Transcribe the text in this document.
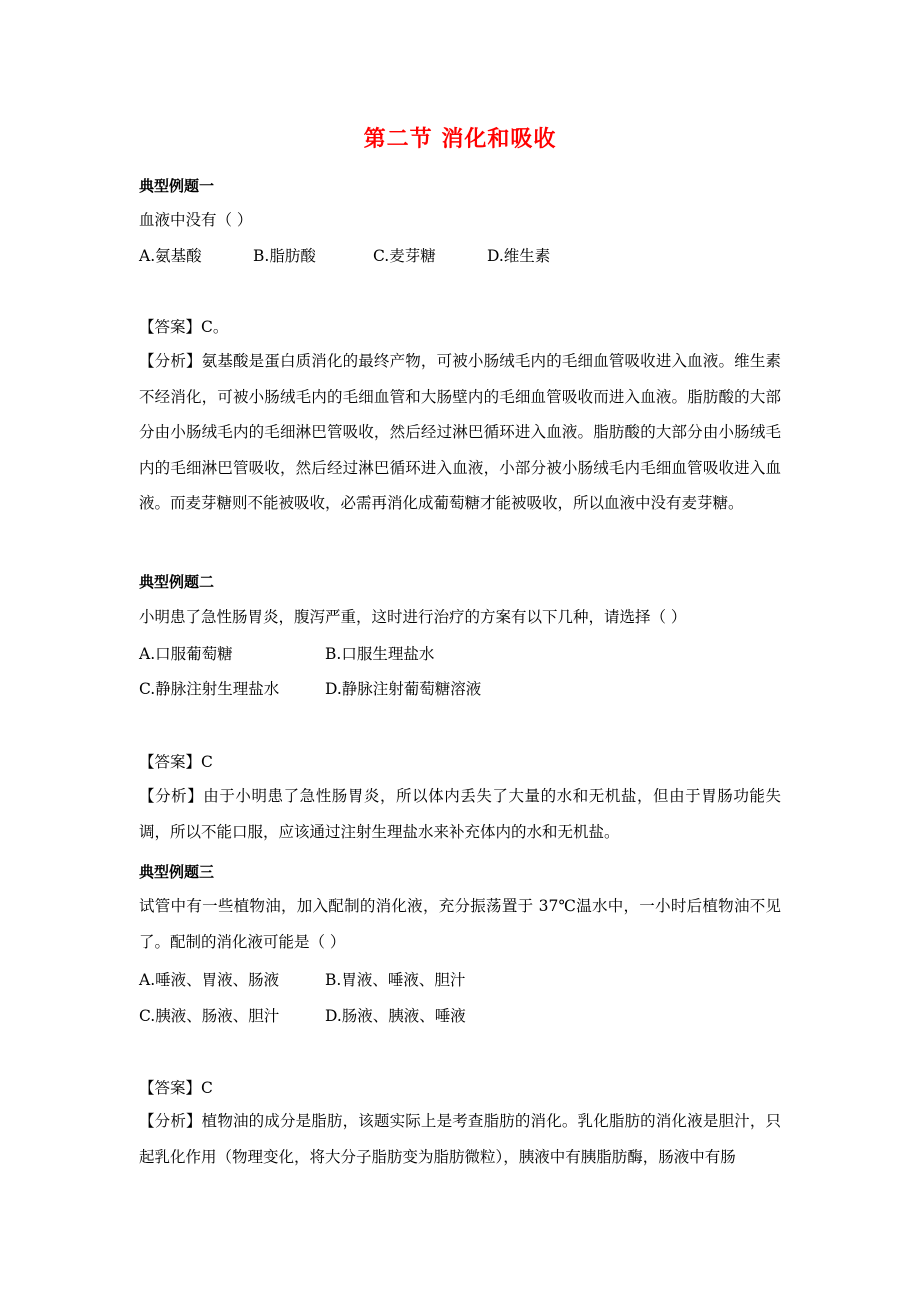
第二节 消化和吸收
典型例题一
血液中没有（ ）
A.氨基酸	B.脂肪酸	C.麦芽糖	D.维生素
【答案】C。
【分析】氨基酸是蛋白质消化的最终产物，可被小肠绒毛内的毛细血管吸收进入血液。维生素不经消化，可被小肠绒毛内的毛细血管和大肠壁内的毛细血管吸收而进入血液。脂肪酸的大部分由小肠绒毛内的毛细淋巴管吸收，然后经过淋巴循环进入血液。脂肪酸的大部分由小肠绒毛内的毛细淋巴管吸收，然后经过淋巴循环进入血液，小部分被小肠绒毛内毛细血管吸收进入血液。而麦芽糖则不能被吸收，必需再消化成葡萄糖才能被吸收，所以血液中没有麦芽糖。
典型例题二
小明患了急性肠胃炎，腹泻严重，这时进行治疗的方案有以下几种，请选择（ ）
A.口服葡萄糖	B.口服生理盐水
C.静脉注射生理盐水	D.静脉注射葡萄糖溶液
【答案】C
【分析】由于小明患了急性肠胃炎，所以体内丢失了大量的水和无机盐，但由于胃肠功能失调，所以不能口服，应该通过注射生理盐水来补充体内的水和无机盐。
典型例题三
试管中有一些植物油，加入配制的消化液，充分振荡置于 37℃温水中，一小时后植物油不见了。配制的消化液可能是（ ）
A.唾液、胃液、肠液	B.胃液、唾液、胆汁
C.胰液、肠液、胆汁	D.肠液、胰液、唾液
【答案】C
【分析】植物油的成分是脂肪，该题实际上是考查脂肪的消化。乳化脂肪的消化液是胆汁，只起乳化作用（物理变化，将大分子脂肪变为脂肪微粒），胰液中有胰脂肪酶，肠液中有肠
